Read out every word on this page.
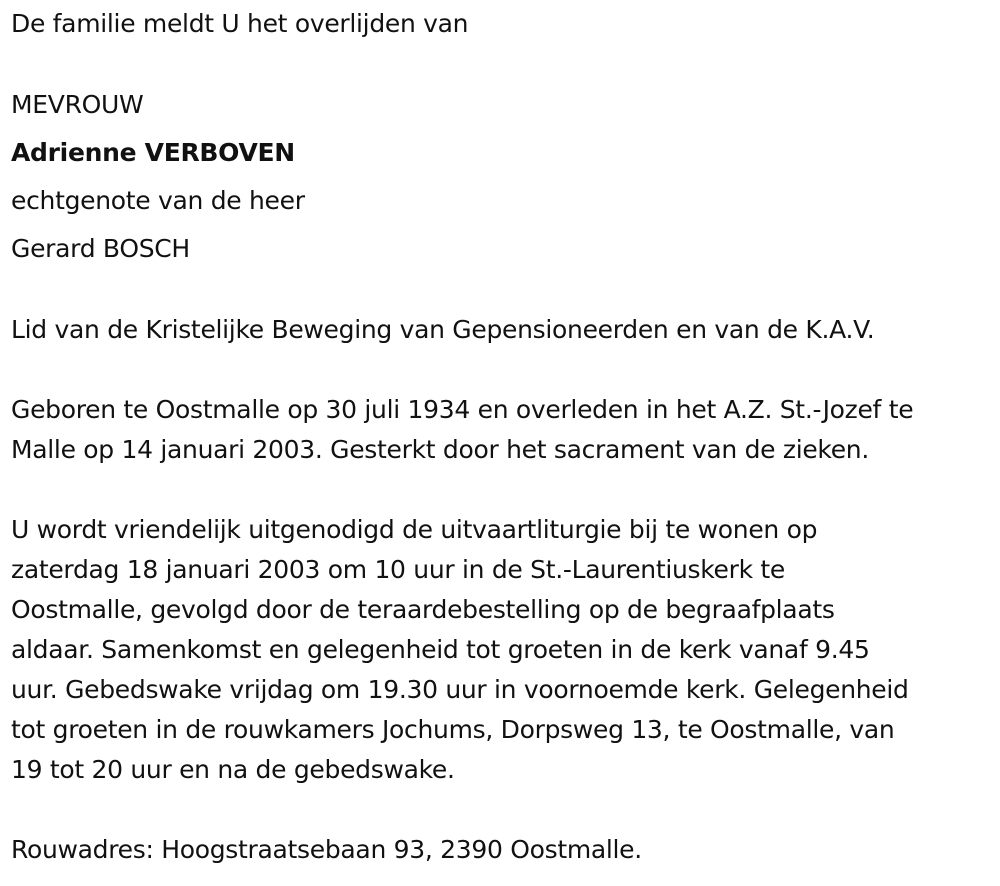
De familie meldt U het overlijden van
MEVROUW
Adrienne VERBOVEN
echtgenote van de heer
Gerard BOSCH
Lid van de Kristelijke Beweging van Gepensioneerden en van de K.A.V.
Geboren te Oostmalle op 30 juli 1934 en overleden in het A.Z. St.-Jozef te
Malle op 14 januari 2003. Gesterkt door het sacrament van de zieken.
U wordt vriendelijk uitgenodigd de uitvaartliturgie bij te wonen op
zaterdag 18 januari 2003 om 10 uur in de St.-Laurentiuskerk te
Oostmalle, gevolgd door de teraardebestelling op de begraafplaats
aldaar. Samenkomst en gelegenheid tot groeten in de kerk vanaf 9.45
uur. Gebedswake vrijdag om 19.30 uur in voornoemde kerk. Gelegenheid
tot groeten in de rouwkamers Jochums, Dorpsweg 13, te Oostmalle, van
19 tot 20 uur en na de gebedswake.
Rouwadres: Hoogstraatsebaan 93, 2390 Oostmalle.
